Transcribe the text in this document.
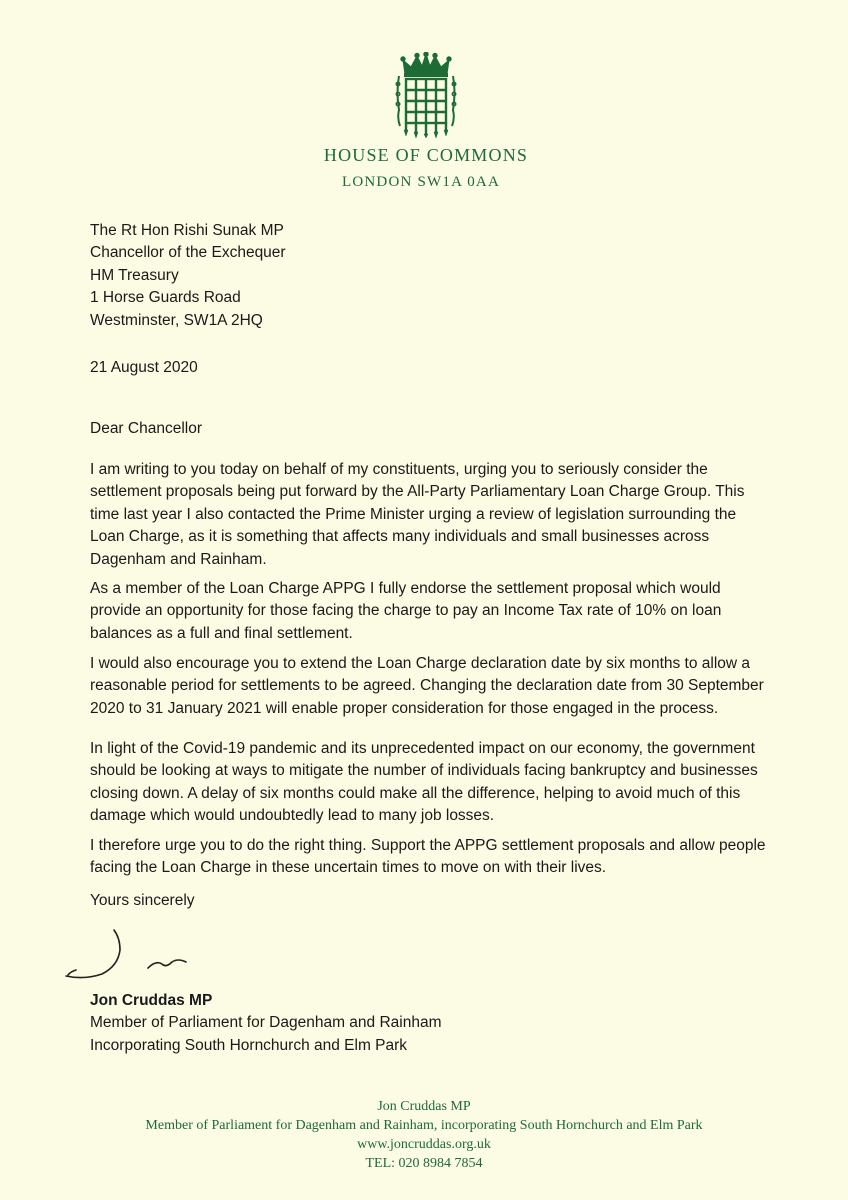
HOUSE OF COMMONS
LONDON SW1A 0AA
The Rt Hon Rishi Sunak MP
Chancellor of the Exchequer
HM Treasury
1 Horse Guards Road
Westminster, SW1A 2HQ
21 August 2020
Dear Chancellor
I am writing to you today on behalf of my constituents, urging you to seriously consider the settlement proposals being put forward by the All-Party Parliamentary Loan Charge Group. This time last year I also contacted the Prime Minister urging a review of legislation surrounding the Loan Charge, as it is something that affects many individuals and small businesses across Dagenham and Rainham.
As a member of the Loan Charge APPG I fully endorse the settlement proposal which would provide an opportunity for those facing the charge to pay an Income Tax rate of 10% on loan balances as a full and final settlement.
I would also encourage you to extend the Loan Charge declaration date by six months to allow a reasonable period for settlements to be agreed. Changing the declaration date from 30 September 2020 to 31 January 2021 will enable proper consideration for those engaged in the process.
In light of the Covid-19 pandemic and its unprecedented impact on our economy, the government should be looking at ways to mitigate the number of individuals facing bankruptcy and businesses closing down. A delay of six months could make all the difference, helping to avoid much of this damage which would undoubtedly lead to many job losses.
I therefore urge you to do the right thing. Support the APPG settlement proposals and allow people facing the Loan Charge in these uncertain times to move on with their lives.
Yours sincerely
Jon Cruddas MP
Member of Parliament for Dagenham and Rainham
Incorporating South Hornchurch and Elm Park
Jon Cruddas MP
Member of Parliament for Dagenham and Rainham, incorporating South Hornchurch and Elm Park
www.joncruddas.org.uk
TEL: 020 8984 7854
